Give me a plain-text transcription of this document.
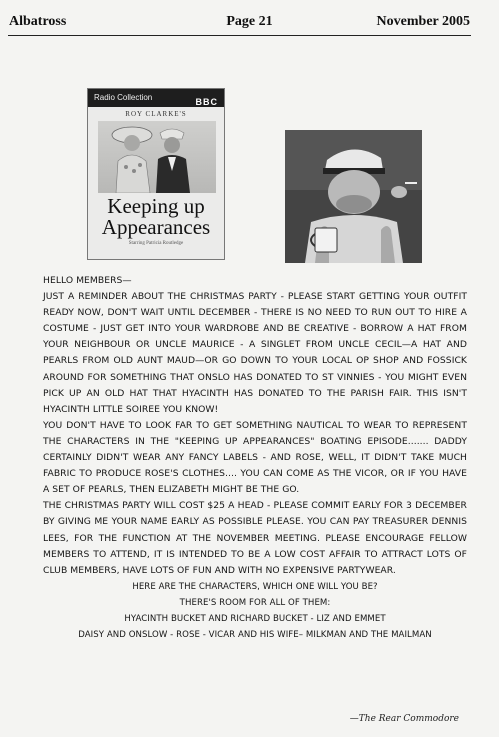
Albatross	Page 21	November 2005
Radio Collection	BBC
ROY CLARKE'S
Keeping up
Appearances
Starring Patricia Routledge

HELLO MEMBERS—

JUST A REMINDER ABOUT THE CHRISTMAS PARTY - PLEASE START GETTING YOUR OUTFIT READY NOW, DON'T WAIT UNTIL DECEMBER - THERE IS NO NEED TO RUN OUT TO HIRE A COSTUME - JUST GET INTO YOUR WARDROBE AND BE CREATIVE - BORROW A HAT FROM YOUR NEIGHBOUR OR UNCLE MAURICE - A SINGLET FROM UNCLE CECIL—A HAT AND PEARLS FROM OLD AUNT MAUD—OR GO DOWN TO YOUR LOCAL OP SHOP AND FOSSICK AROUND FOR SOMETHING THAT ONSLO HAS DONATED TO ST VINNIES - YOU MIGHT EVEN PICK UP AN OLD HAT THAT HYACINTH HAS DONATED TO THE PARISH FAIR. THIS ISN'T HYACINTH LITTLE SOIREE YOU KNOW!

YOU DON'T HAVE TO LOOK FAR TO GET SOMETHING NAUTICAL TO WEAR TO REPRESENT THE CHARACTERS IN THE "KEEPING UP APPEARANCES" BOATING EPISODE....... DADDY CERTAINLY DIDN'T WEAR ANY FANCY LABELS - AND ROSE, WELL, IT DIDN'T TAKE MUCH FABRIC TO PRODUCE ROSE'S CLOTHES.... YOU CAN COME AS THE VICOR, OR IF YOU HAVE A SET OF PEARLS, THEN ELIZABETH MIGHT BE THE GO.

THE CHRISTMAS PARTY WILL COST $25 A HEAD - PLEASE COMMIT EARLY FOR 3 DECEMBER BY GIVING ME YOUR NAME EARLY AS POSSIBLE PLEASE. YOU CAN PAY TREASURER DENNIS LEES, FOR THE FUNCTION AT THE NOVEMBER MEETING. PLEASE ENCOURAGE FELLOW MEMBERS TO ATTEND, IT IS INTENDED TO BE A LOW COST AFFAIR TO ATTRACT LOTS OF CLUB MEMBERS, HAVE LOTS OF FUN AND WITH NO EXPENSIVE PARTYWEAR.

HERE ARE THE CHARACTERS, WHICH ONE WILL YOU BE?

THERE'S ROOM FOR ALL OF THEM:

HYACINTH BUCKET AND RICHARD BUCKET - LIZ AND EMMET

DAISY AND ONSLOW - ROSE - VICAR AND HIS WIFE– MILKMAN AND THE MAILMAN

—The Rear Commodore
